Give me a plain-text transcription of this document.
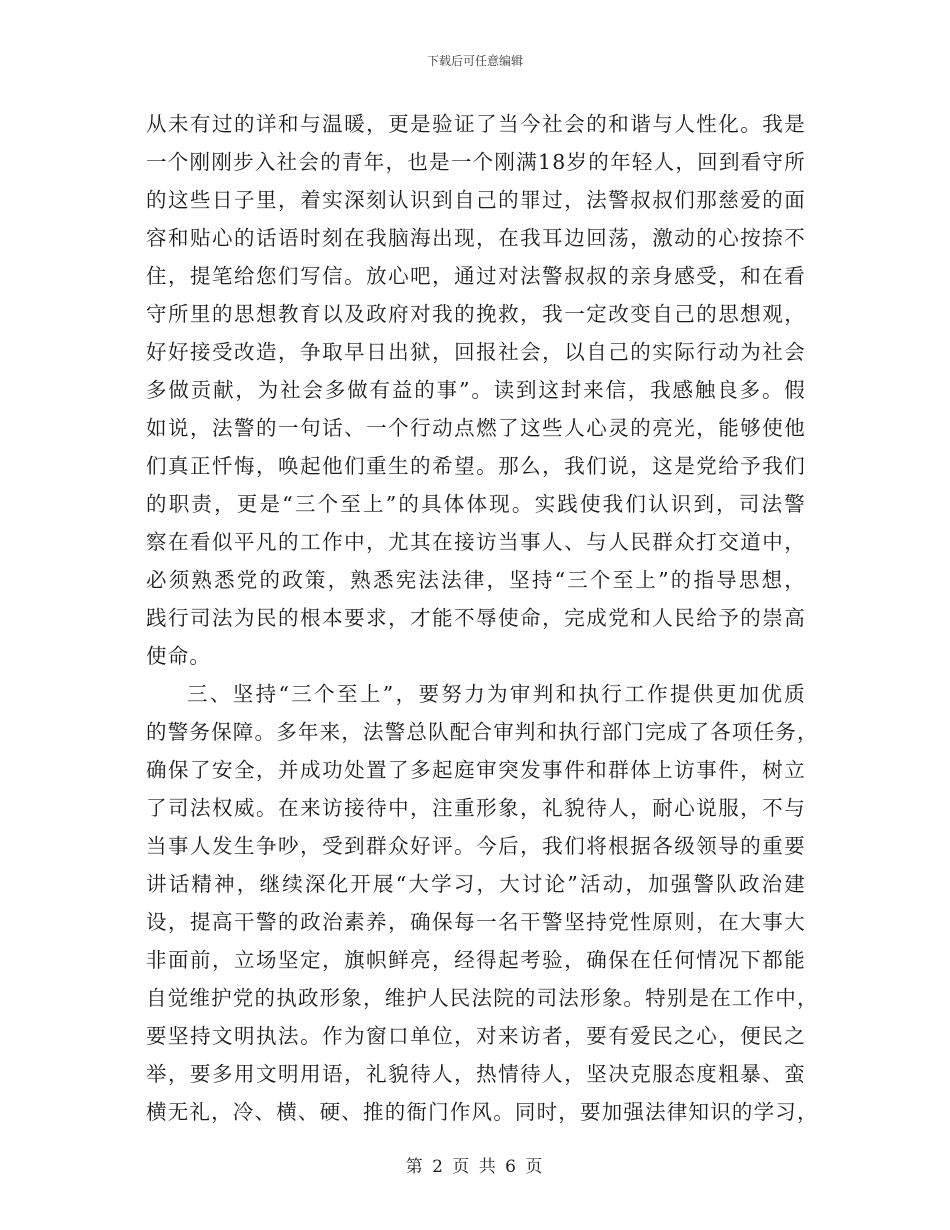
下载后可任意编辑
从未有过的详和与温暖，更是验证了当今社会的和谐与人性化。我是
一个刚刚步入社会的青年，也是一个刚满18岁的年轻人，回到看守所
的这些日子里，着实深刻认识到自己的罪过，法警叔叔们那慈爱的面
容和贴心的话语时刻在我脑海出现，在我耳边回荡，激动的心按捺不
住，提笔给您们写信。放心吧，通过对法警叔叔的亲身感受，和在看
守所里的思想教育以及政府对我的挽救，我一定改变自己的思想观，
好好接受改造，争取早日出狱，回报社会，以自己的实际行动为社会
多做贡献，为社会多做有益的事”。读到这封来信，我感触良多。假
如说，法警的一句话、一个行动点燃了这些人心灵的亮光，能够使他
们真正忏悔，唤起他们重生的希望。那么，我们说，这是党给予我们
的职责，更是“三个至上”的具体体现。实践使我们认识到，司法警
察在看似平凡的工作中，尤其在接访当事人、与人民群众打交道中，
必须熟悉党的政策，熟悉宪法法律，坚持“三个至上”的指导思想，
践行司法为民的根本要求，才能不辱使命，完成党和人民给予的崇高
使命。
三、坚持“三个至上”，要努力为审判和执行工作提供更加优质
的警务保障。多年来，法警总队配合审判和执行部门完成了各项任务，
确保了安全，并成功处置了多起庭审突发事件和群体上访事件，树立
了司法权威。在来访接待中，注重形象，礼貌待人，耐心说服，不与
当事人发生争吵，受到群众好评。今后，我们将根据各级领导的重要
讲话精神，继续深化开展“大学习，大讨论”活动，加强警队政治建
设，提高干警的政治素养，确保每一名干警坚持党性原则，在大事大
非面前，立场坚定，旗帜鲜亮，经得起考验，确保在任何情况下都能
自觉维护党的执政形象，维护人民法院的司法形象。特别是在工作中，
要坚持文明执法。作为窗口单位，对来访者，要有爱民之心，便民之
举，要多用文明用语，礼貌待人，热情待人，坚决克服态度粗暴、蛮
横无礼，冷、横、硬、推的衙门作风。同时，要加强法律知识的学习，
第 2 页 共 6 页
